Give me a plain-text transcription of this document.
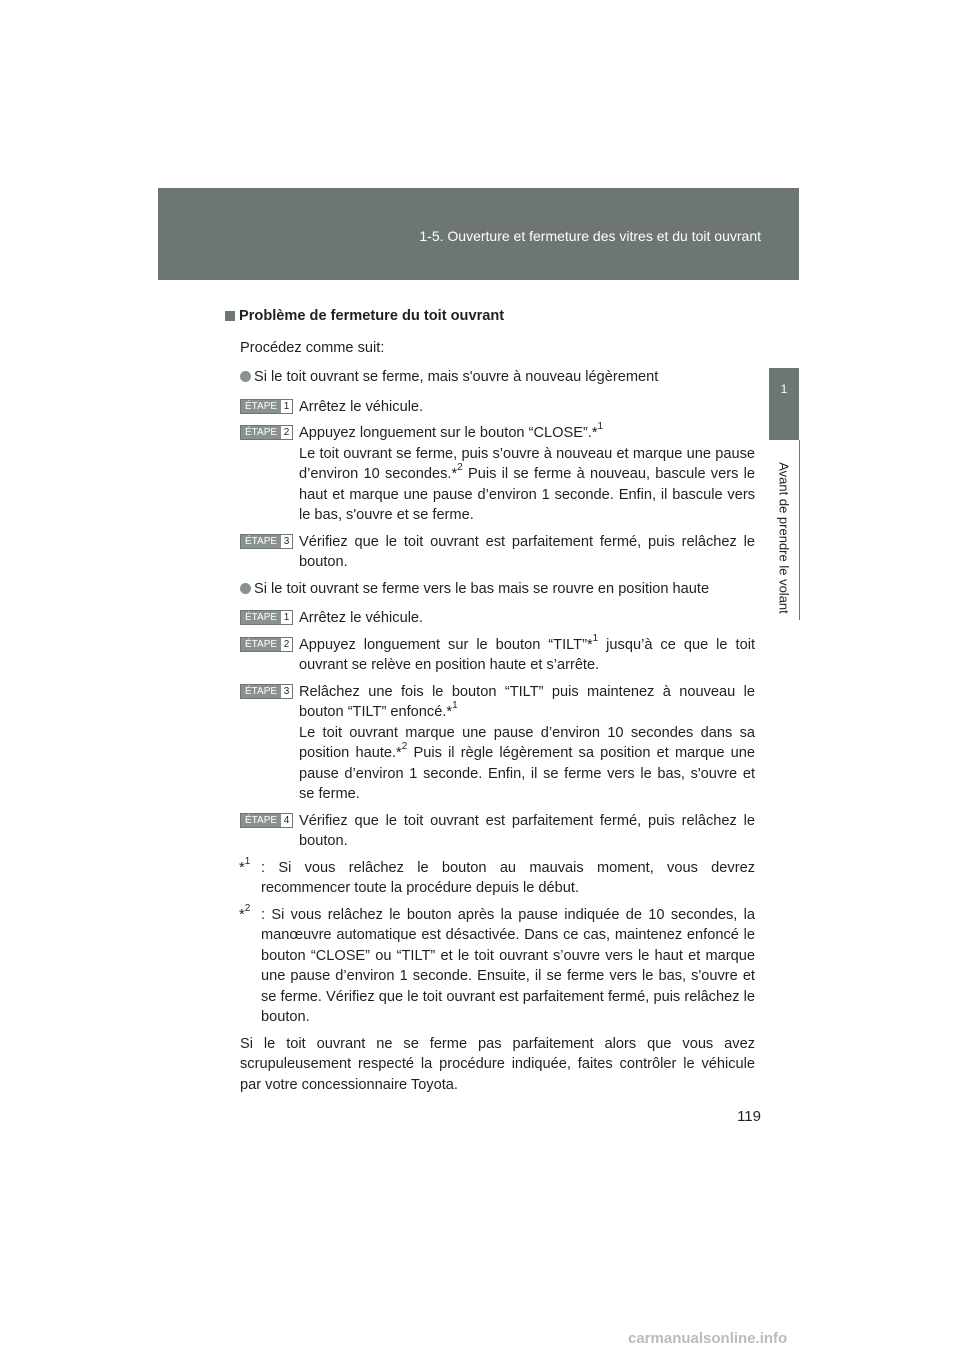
1-5. Ouverture et fermeture des vitres et du toit ouvrant
1
Avant de prendre le volant
Problème de fermeture du toit ouvrant
Procédez comme suit:
Si le toit ouvrant se ferme, mais s'ouvre à nouveau légèrement
ÉTAPE 1 Arrêtez le véhicule.
ÉTAPE 2 Appuyez longuement sur le bouton “CLOSE”.*$^1$
Le toit ouvrant se ferme, puis s’ouvre à nouveau et marque une pause d’environ 10 secondes.*$^2$ Puis il se ferme à nouveau, bascule vers le haut et marque une pause d’environ 1 seconde. Enfin, il bascule vers le bas, s'ouvre et se ferme.
ÉTAPE 3 Vérifiez que le toit ouvrant est parfaitement fermé, puis relâchez le bouton.
Si le toit ouvrant se ferme vers le bas mais se rouvre en position haute
ÉTAPE 1 Arrêtez le véhicule.
ÉTAPE 2 Appuyez longuement sur le bouton “TILT”*$^1$ jusqu’à ce que le toit ouvrant se relève en position haute et s’arrête.
ÉTAPE 3 Relâchez une fois le bouton “TILT” puis maintenez à nouveau le bouton “TILT” enfoncé.*$^1$
Le toit ouvrant marque une pause d’environ 10 secondes dans sa position haute.*$^2$ Puis il règle légèrement sa position et marque une pause d’environ 1 seconde. Enfin, il se ferme vers le bas, s'ouvre et se ferme.
ÉTAPE 4 Vérifiez que le toit ouvrant est parfaitement fermé, puis relâchez le bouton.
*$^1$ : Si vous relâchez le bouton au mauvais moment, vous devrez recommencer toute la procédure depuis le début.
*$^2$ : Si vous relâchez le bouton après la pause indiquée de 10 secondes, la manœuvre automatique est désactivée. Dans ce cas, maintenez enfoncé le bouton “CLOSE” ou “TILT” et le toit ouvrant s’ouvre vers le haut et marque une pause d’environ 1 seconde. Ensuite, il se ferme vers le bas, s'ouvre et se ferme. Vérifiez que le toit ouvrant est parfaitement fermé, puis relâchez le bouton.
Si le toit ouvrant ne se ferme pas parfaitement alors que vous avez scrupuleusement respecté la procédure indiquée, faites contrôler le véhicule par votre concessionnaire Toyota.
119
carmanualsonline.info
